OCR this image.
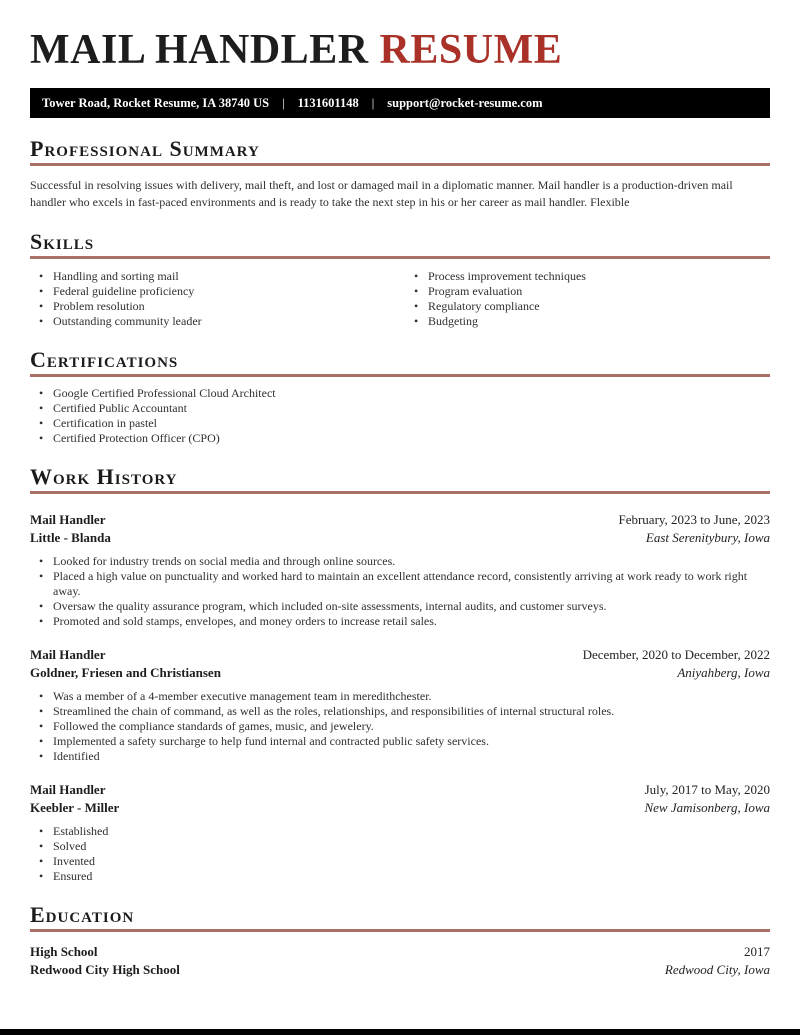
MAIL HANDLER RESUME
Tower Road, Rocket Resume, IA 38740 US | 1131601148 | support@rocket-resume.com
Professional Summary

Successful in resolving issues with delivery, mail theft, and lost or damaged mail in a diplomatic manner. Mail handler is a production-driven mail handler who excels in fast-paced environments and is ready to take the next step in his or her career as mail handler. Flexible

Skills
• Handling and sorting mail
• Federal guideline proficiency
• Problem resolution
• Outstanding community leader
• Process improvement techniques
• Program evaluation
• Regulatory compliance
• Budgeting
Certifications
• Google Certified Professional Cloud Architect
• Certified Public Accountant
• Certification in pastel
• Certified Protection Officer (CPO)
Work History
Mail Handler	February, 2023 to June, 2023
Little - Blanda	East Serenitybury, Iowa
• Looked for industry trends on social media and through online sources.
• Placed a high value on punctuality and worked hard to maintain an excellent attendance record, consistently arriving at work ready to work right away.
• Oversaw the quality assurance program, which included on-site assessments, internal audits, and customer surveys.
• Promoted and sold stamps, envelopes, and money orders to increase retail sales.
Mail Handler	December, 2020 to December, 2022
Goldner, Friesen and Christiansen	Aniyahberg, Iowa
• Was a member of a 4-member executive management team in meredithchester.
• Streamlined the chain of command, as well as the roles, relationships, and responsibilities of internal structural roles.
• Followed the compliance standards of games, music, and jewelery.
• Implemented a safety surcharge to help fund internal and contracted public safety services.
• Identified
Mail Handler	July, 2017 to May, 2020
Keebler - Miller	New Jamisonberg, Iowa
• Established
• Solved
• Invented
• Ensured
Education
High School	2017
Redwood City High School	Redwood City, Iowa
